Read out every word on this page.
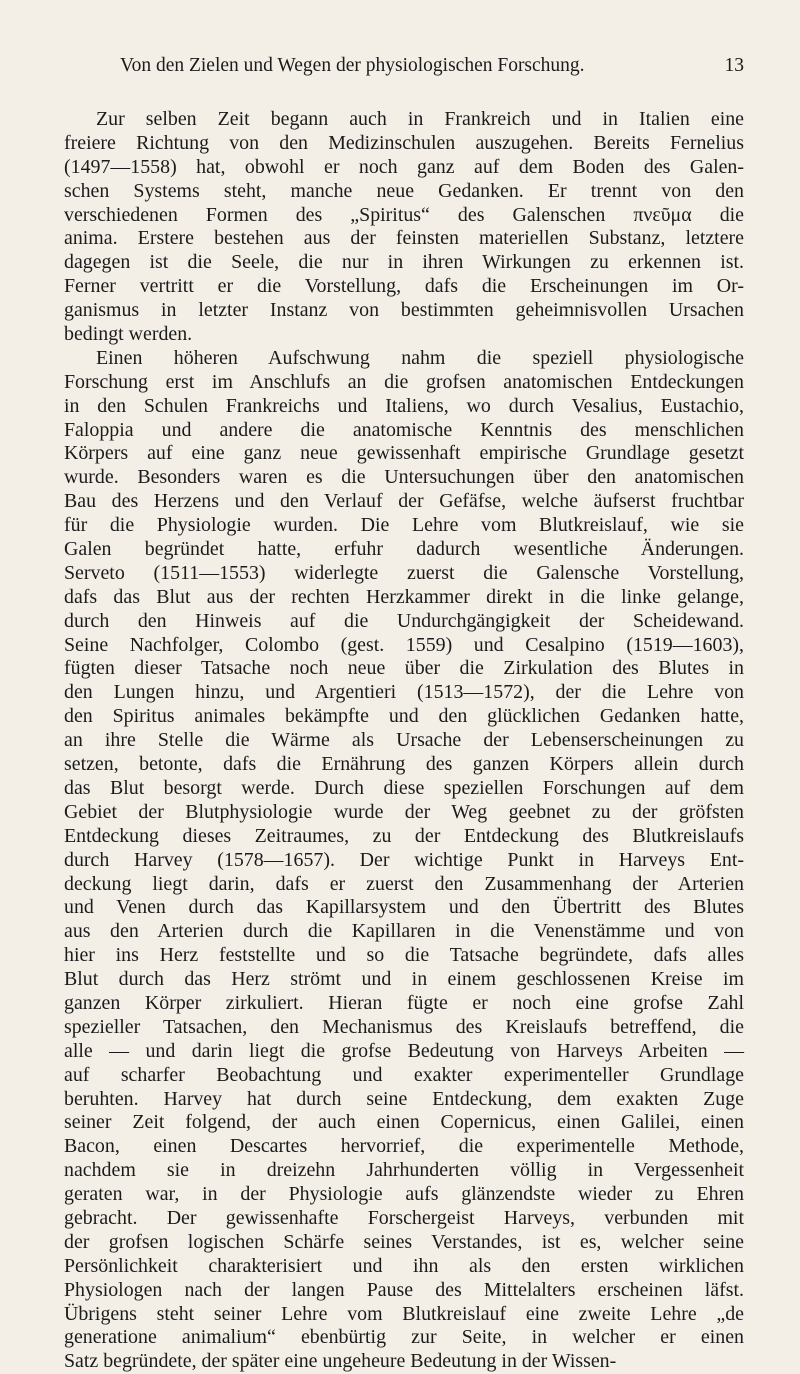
Von den Zielen und Wegen der physiologischen Forschung.	13
Zur selben Zeit begann auch in Frankreich und in Italien eine
freiere Richtung von den Medizinschulen auszugehen. Bereits Fernelius
(1497—1558) hat, obwohl er noch ganz auf dem Boden des Galen-
schen Systems steht, manche neue Gedanken. Er trennt von den
verschiedenen Formen des „Spiritus“ des Galenschen πνεῦμα die
anima. Erstere bestehen aus der feinsten materiellen Substanz, letztere
dagegen ist die Seele, die nur in ihren Wirkungen zu erkennen ist.
Ferner vertritt er die Vorstellung, dafs die Erscheinungen im Or-
ganismus in letzter Instanz von bestimmten geheimnisvollen Ursachen
bedingt werden.
Einen höheren Aufschwung nahm die speziell physiologische
Forschung erst im Anschlufs an die grofsen anatomischen Entdeckungen
in den Schulen Frankreichs und Italiens, wo durch Vesalius, Eustachio,
Faloppia und andere die anatomische Kenntnis des menschlichen
Körpers auf eine ganz neue gewissenhaft empirische Grundlage gesetzt
wurde. Besonders waren es die Untersuchungen über den anatomischen
Bau des Herzens und den Verlauf der Gefäfse, welche äufserst fruchtbar
für die Physiologie wurden. Die Lehre vom Blutkreislauf, wie sie
Galen begründet hatte, erfuhr dadurch wesentliche Änderungen.
Serveto (1511—1553) widerlegte zuerst die Galensche Vorstellung,
dafs das Blut aus der rechten Herzkammer direkt in die linke gelange,
durch den Hinweis auf die Undurchgängigkeit der Scheidewand.
Seine Nachfolger, Colombo (gest. 1559) und Cesalpino (1519—1603),
fügten dieser Tatsache noch neue über die Zirkulation des Blutes in
den Lungen hinzu, und Argentieri (1513—1572), der die Lehre von
den Spiritus animales bekämpfte und den glücklichen Gedanken hatte,
an ihre Stelle die Wärme als Ursache der Lebenserscheinungen zu
setzen, betonte, dafs die Ernährung des ganzen Körpers allein durch
das Blut besorgt werde. Durch diese speziellen Forschungen auf dem
Gebiet der Blutphysiologie wurde der Weg geebnet zu der gröfsten
Entdeckung dieses Zeitraumes, zu der Entdeckung des Blutkreislaufs
durch Harvey (1578—1657). Der wichtige Punkt in Harveys Ent-
deckung liegt darin, dafs er zuerst den Zusammenhang der Arterien
und Venen durch das Kapillarsystem und den Übertritt des Blutes
aus den Arterien durch die Kapillaren in die Venenstämme und von
hier ins Herz feststellte und so die Tatsache begründete, dafs alles
Blut durch das Herz strömt und in einem geschlossenen Kreise im
ganzen Körper zirkuliert. Hieran fügte er noch eine grofse Zahl
spezieller Tatsachen, den Mechanismus des Kreislaufs betreffend, die
alle — und darin liegt die grofse Bedeutung von Harveys Arbeiten —
auf scharfer Beobachtung und exakter experimenteller Grundlage
beruhten. Harvey hat durch seine Entdeckung, dem exakten Zuge
seiner Zeit folgend, der auch einen Copernicus, einen Galilei, einen
Bacon, einen Descartes hervorrief, die experimentelle Methode,
nachdem sie in dreizehn Jahrhunderten völlig in Vergessenheit
geraten war, in der Physiologie aufs glänzendste wieder zu Ehren
gebracht. Der gewissenhafte Forschergeist Harveys, verbunden mit
der grofsen logischen Schärfe seines Verstandes, ist es, welcher seine
Persönlichkeit charakterisiert und ihn als den ersten wirklichen
Physiologen nach der langen Pause des Mittelalters erscheinen läfst.
Übrigens steht seiner Lehre vom Blutkreislauf eine zweite Lehre „de
generatione animalium“ ebenbürtig zur Seite, in welcher er einen
Satz begründete, der später eine ungeheure Bedeutung in der Wissen-
